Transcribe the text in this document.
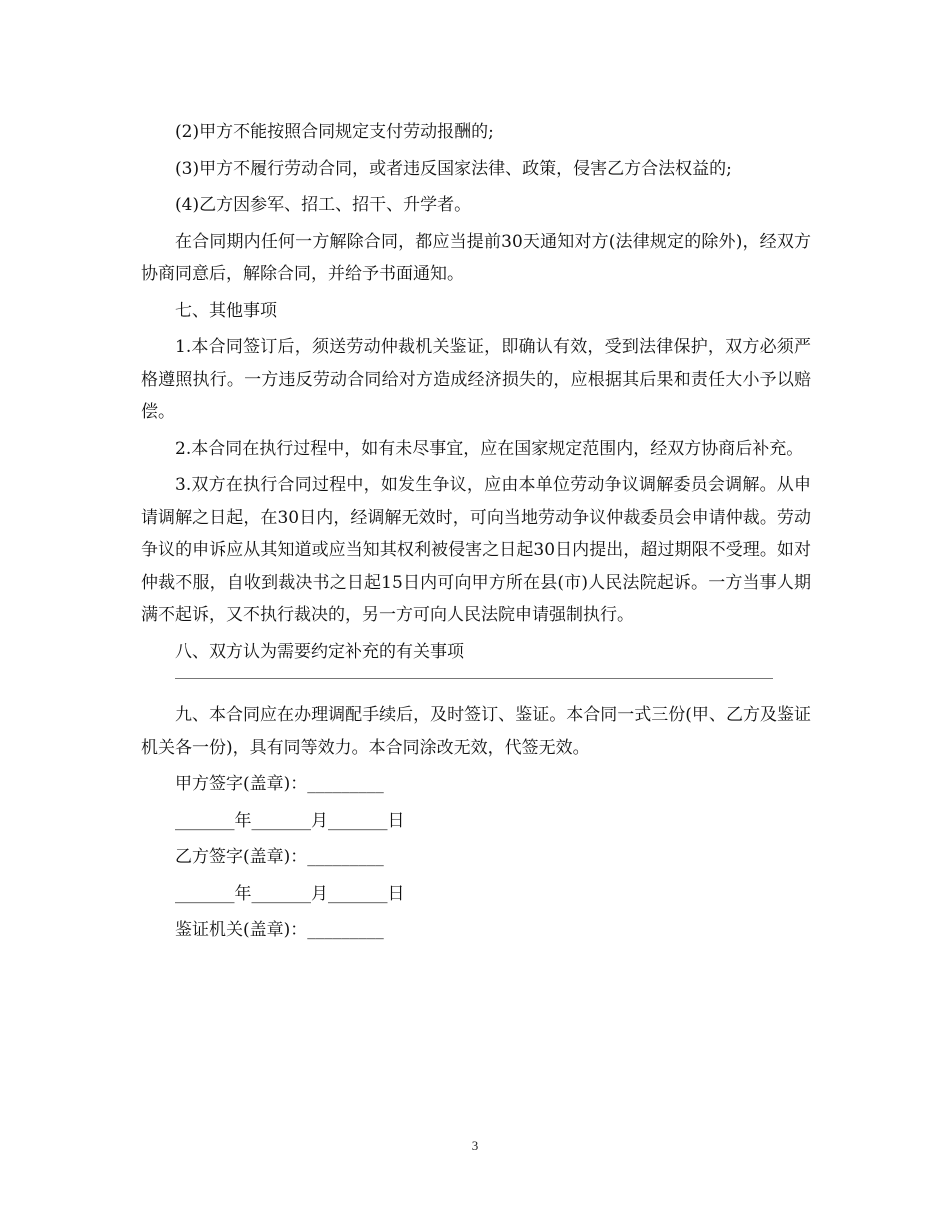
(2)甲方不能按照合同规定支付劳动报酬的;

(3)甲方不履行劳动合同，或者违反国家法律、政策，侵害乙方合法权益的;

(4)乙方因参军、招工、招干、升学者。

在合同期内任何一方解除合同，都应当提前30天通知对方(法律规定的除外)，经双方协商同意后，解除合同，并给予书面通知。

七、其他事项

1.本合同签订后，须送劳动仲裁机关鉴证，即确认有效，受到法律保护，双方必须严格遵照执行。一方违反劳动合同给对方造成经济损失的，应根据其后果和责任大小予以赔偿。

2.本合同在执行过程中，如有未尽事宜，应在国家规定范围内，经双方协商后补充。

3.双方在执行合同过程中，如发生争议，应由本单位劳动争议调解委员会调解。从申请调解之日起，在30日内，经调解无效时，可向当地劳动争议仲裁委员会申请仲裁。劳动争议的申诉应从其知道或应当知其权利被侵害之日起30日内提出，超过期限不受理。如对仲裁不服，自收到裁决书之日起15日内可向甲方所在县(市)人民法院起诉。一方当事人期满不起诉，又不执行裁决的，另一方可向人民法院申请强制执行。

八、双方认为需要约定补充的有关事项

九、本合同应在办理调配手续后，及时签订、鉴证。本合同一式三份(甲、乙方及鉴证机关各一份)，具有同等效力。本合同涂改无效，代签无效。

甲方签字(盖章)：_________

_______年_______月_______日

乙方签字(盖章)：_________

_______年_______月_______日

鉴证机关(盖章)：_________

3
